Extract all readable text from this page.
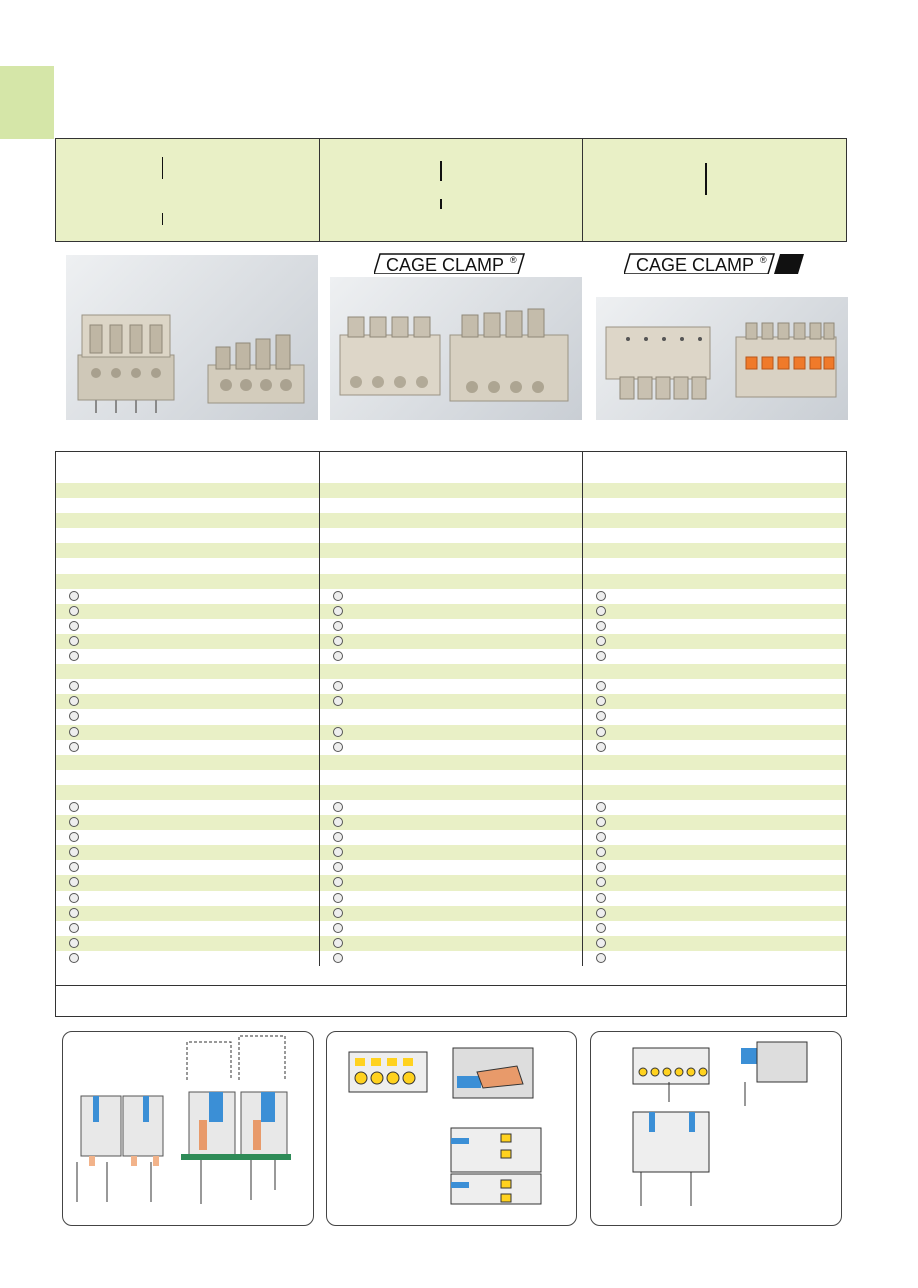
CAGE CLAMP ®	CAGE CLAMP ®
